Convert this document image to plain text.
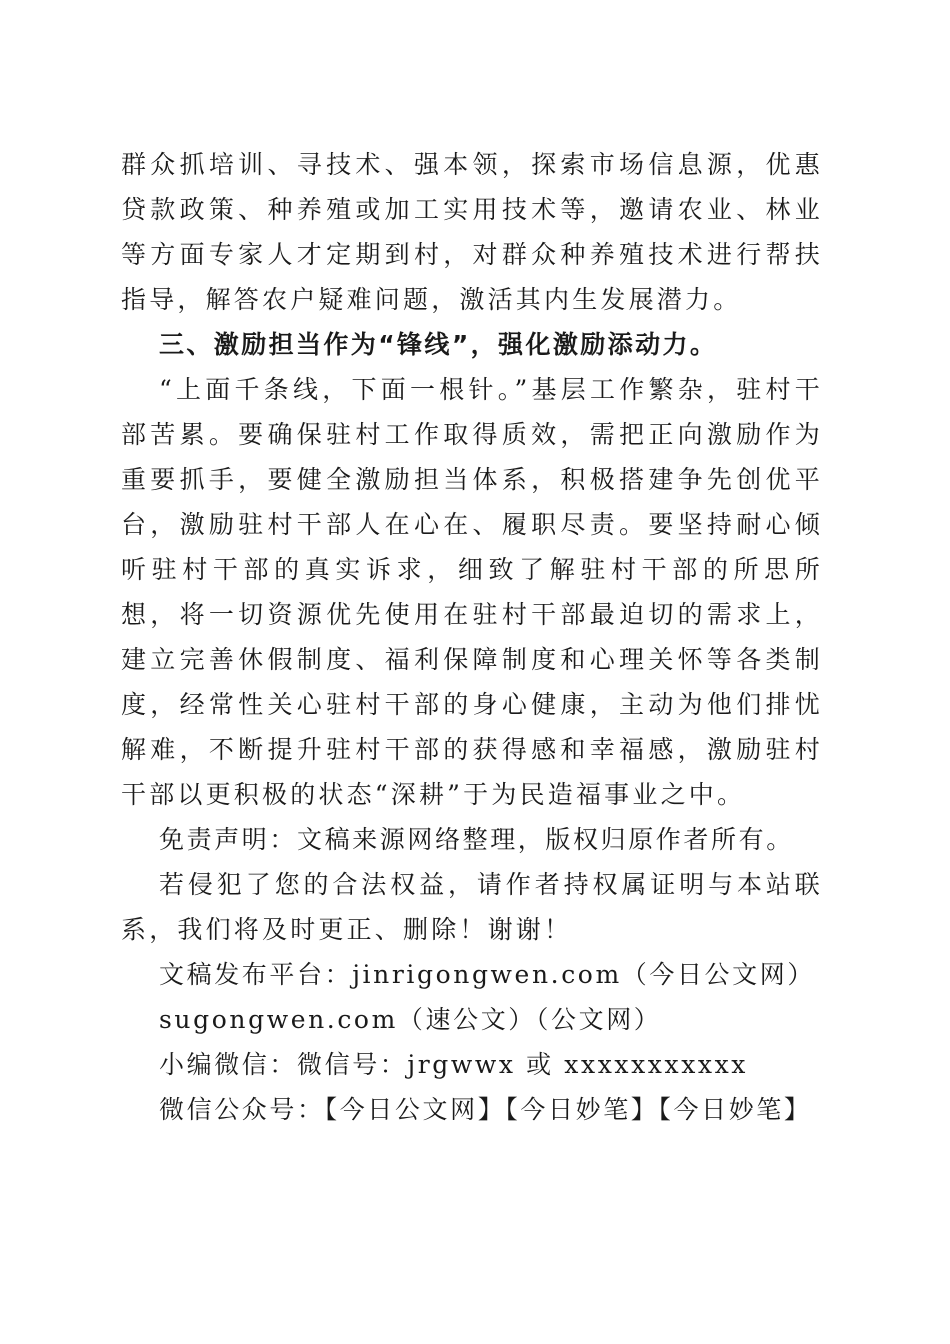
群众抓培训、寻技术、强本领，探索市场信息源，优惠贷款政策、种养殖或加工实用技术等，邀请农业、林业等方面专家人才定期到村，对群众种养殖技术进行帮扶指导，解答农户疑难问题，激活其内生发展潜力。

三、激励担当作为“锋线”，强化激励添动力。

“上面千条线，下面一根针。”基层工作繁杂，驻村干部苦累。要确保驻村工作取得质效，需把正向激励作为重要抓手，要健全激励担当体系，积极搭建争先创优平台，激励驻村干部人在心在、履职尽责。要坚持耐心倾听驻村干部的真实诉求，细致了解驻村干部的所思所想，将一切资源优先使用在驻村干部最迫切的需求上，建立完善休假制度、福利保障制度和心理关怀等各类制度，经常性关心驻村干部的身心健康，主动为他们排忧解难，不断提升驻村干部的获得感和幸福感，激励驻村干部以更积极的状态“深耕”于为民造福事业之中。

免责声明：文稿来源网络整理，版权归原作者所有。

若侵犯了您的合法权益，请作者持权属证明与本站联系，我们将及时更正、删除！谢谢！

文稿发布平台：jinrigongwen.com（今日公文网）

sugongwen.com（速公文）（公文网）

小编微信：微信号：jrgwwx 或 xxxxxxxxxxx

微信公众号：【今日公文网】【今日妙笔】【今日妙笔】
